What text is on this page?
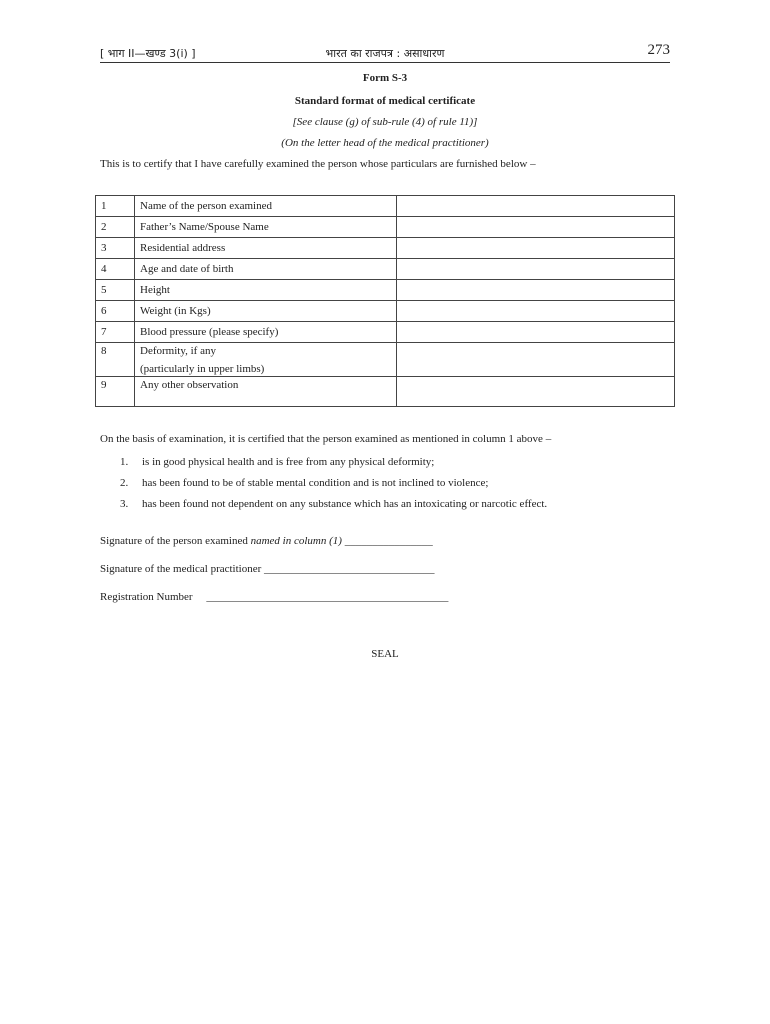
[ भाग II—खण्ड 3(i) ]	भारत का राजपत्र : असाधारण	273
Form S-3
Standard format of medical certificate
[See clause (g) of sub-rule (4) of rule 11)]
(On the letter head of the medical practitioner)
This is to certify that I have carefully examined the person whose particulars are furnished below –
1	Name of the person examined	
2	Father’s Name/Spouse Name	
3	Residential address	
4	Age and date of birth	
5	Height	
6	Weight (in Kgs)	
7	Blood pressure (please specify)	
8	Deformity, if any
(particularly in upper limbs)	

9	Any other observation	
On the basis of examination, it is certified that the person examined as mentioned in column 1 above –
1. is in good physical health and is free from any physical deformity;
2. has been found to be of stable mental condition and is not inclined to violence;
3. has been found not dependent on any substance which has an intoxicating or narcotic effect.
Signature of the person examined named in column (1) ________________
Signature of the medical practitioner _______________________________
Registration Number     ____________________________________________
SEAL
